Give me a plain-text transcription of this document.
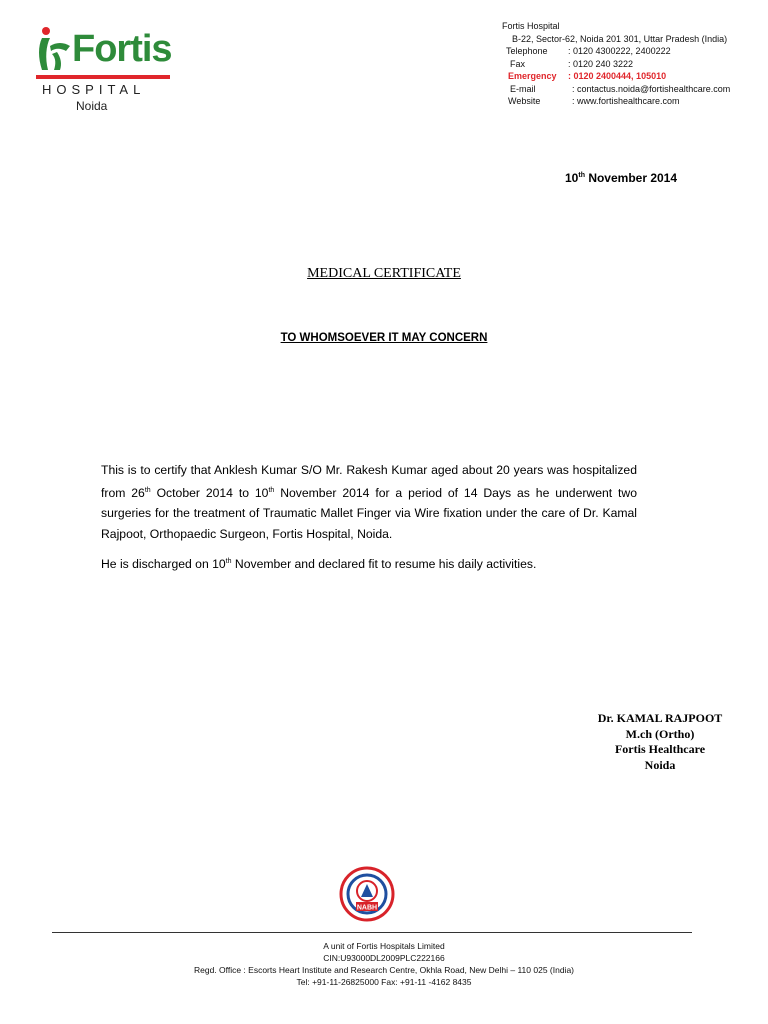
Fortis
HOSPITAL
Noida
Fortis Hospital
B-22, Sector-62, Noida 201 301, Uttar Pradesh (India)
Telephone : 0120 4300222, 2400222
Fax	: 0120 240 3222
Emergency : 0120 2400444, 105010
E-mail	: contactus.noida@fortishealthcare.com
Website	: www.fortishealthcare.com
10th November 2014
MEDICAL CERTIFICATE
TO WHOMSOEVER IT MAY CONCERN
This is to certify that Anklesh Kumar S/O Mr. Rakesh Kumar aged about 20 years was hospitalized from 26th October 2014 to 10th November 2014 for a period of 14 Days as he underwent two surgeries for the treatment of Traumatic Mallet Finger via Wire fixation under the care of Dr. Kamal Rajpoot, Orthopaedic Surgeon, Fortis Hospital, Noida.
He is discharged on 10th November and declared fit to resume his daily activities.
Dr. KAMAL RAJPOOT
M.ch (Ortho)
Fortis Healthcare
Noida
NABH
A unit of Fortis Hospitals Limited
CIN:U93000DL2009PLC222166
Regd. Office : Escorts Heart Institute and Research Centre, Okhla Road, New Delhi – 110 025 (India)
Tel: +91-11-26825000 Fax: +91-11 -4162 8435
